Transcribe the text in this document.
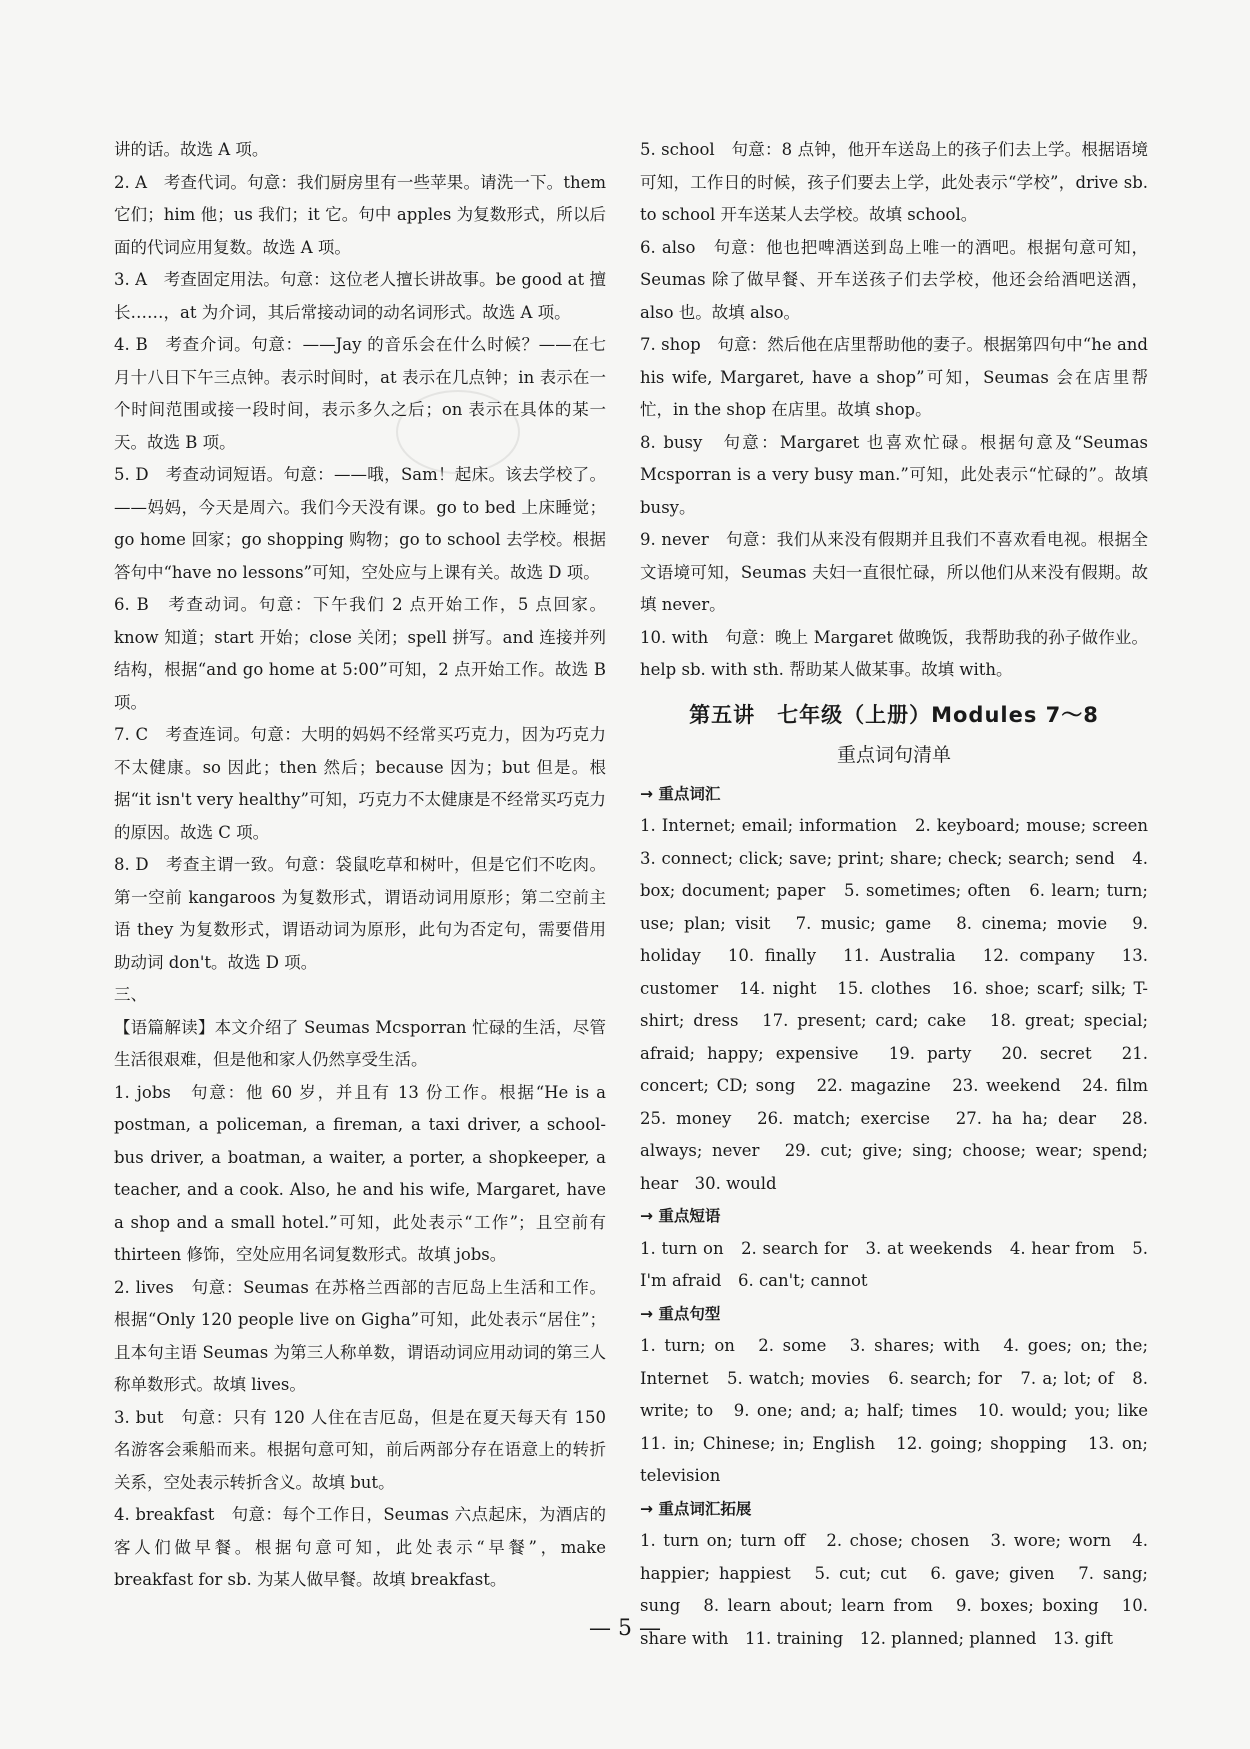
讲的话。故选 A 项。

2. A　考查代词。句意：我们厨房里有一些苹果。请洗一下。them 它们；him 他；us 我们；it 它。句中 apples 为复数形式，所以后面的代词应用复数。故选 A 项。

3. A　考查固定用法。句意：这位老人擅长讲故事。be good at 擅长……，at 为介词，其后常接动词的动名词形式。故选 A 项。

4. B　考查介词。句意：——Jay 的音乐会在什么时候？——在七月十八日下午三点钟。表示时间时，at 表示在几点钟；in 表示在一个时间范围或接一段时间，表示多久之后；on 表示在具体的某一天。故选 B 项。

5. D　考查动词短语。句意：——哦，Sam！起床。该去学校了。——妈妈，今天是周六。我们今天没有课。go to bed 上床睡觉；go home 回家；go shopping 购物；go to school 去学校。根据答句中“have no lessons”可知，空处应与上课有关。故选 D 项。

6. B　考查动词。句意：下午我们 2 点开始工作，5 点回家。know 知道；start 开始；close 关闭；spell 拼写。and 连接并列结构，根据“and go home at 5:00”可知，2 点开始工作。故选 B 项。

7. C　考查连词。句意：大明的妈妈不经常买巧克力，因为巧克力不太健康。so 因此；then 然后；because 因为；but 但是。根据“it isn't very healthy”可知，巧克力不太健康是不经常买巧克力的原因。故选 C 项。

8. D　考查主谓一致。句意：袋鼠吃草和树叶，但是它们不吃肉。第一空前 kangaroos 为复数形式，谓语动词用原形；第二空前主语 they 为复数形式，谓语动词为原形，此句为否定句，需要借用助动词 don't。故选 D 项。

三、

【语篇解读】本文介绍了 Seumas Mcsporran 忙碌的生活，尽管生活很艰难，但是他和家人仍然享受生活。

1. jobs　句意：他 60 岁，并且有 13 份工作。根据“He is a postman, a policeman, a fireman, a taxi driver, a school-bus driver, a boatman, a waiter, a porter, a shopkeeper, a teacher, and a cook. Also, he and his wife, Margaret, have a shop and a small hotel.”可知，此处表示“工作”；且空前有 thirteen 修饰，空处应用名词复数形式。故填 jobs。

2. lives　句意：Seumas 在苏格兰西部的吉厄岛上生活和工作。根据“Only 120 people live on Gigha”可知，此处表示“居住”；且本句主语 Seumas 为第三人称单数，谓语动词应用动词的第三人称单数形式。故填 lives。

3. but　句意：只有 120 人住在吉厄岛，但是在夏天每天有 150 名游客会乘船而来。根据句意可知，前后两部分存在语意上的转折关系，空处表示转折含义。故填 but。

4. breakfast　句意：每个工作日，Seumas 六点起床，为酒店的客人们做早餐。根据句意可知，此处表示“早餐”，make breakfast for sb. 为某人做早餐。故填 breakfast。

5. school　句意：8 点钟，他开车送岛上的孩子们去上学。根据语境可知，工作日的时候，孩子们要去上学，此处表示“学校”，drive sb. to school 开车送某人去学校。故填 school。

6. also　句意：他也把啤酒送到岛上唯一的酒吧。根据句意可知，Seumas 除了做早餐、开车送孩子们去学校，他还会给酒吧送酒，also 也。故填 also。

7. shop　句意：然后他在店里帮助他的妻子。根据第四句中“he and his wife, Margaret, have a shop”可知，Seumas 会在店里帮忙，in the shop 在店里。故填 shop。

8. busy　句意：Margaret 也喜欢忙碌。根据句意及“Seumas Mcsporran is a very busy man.”可知，此处表示“忙碌的”。故填 busy。

9. never　句意：我们从来没有假期并且我们不喜欢看电视。根据全文语境可知，Seumas 夫妇一直很忙碌，所以他们从来没有假期。故填 never。

10. with　句意：晚上 Margaret 做晚饭，我帮助我的孙子做作业。help sb. with sth. 帮助某人做某事。故填 with。

第五讲　七年级（上册）Modules 7～8
重点词句清单
→ 重点词汇

1. Internet; email; information　2. keyboard; mouse; screen　3. connect; click; save; print; share; check; search; send　4. box; document; paper　5. sometimes; often　6. learn; turn; use; plan; visit　7. music; game　8. cinema; movie　9. holiday　10. finally　11. Australia　12. company　13. customer　14. night　15. clothes　16. shoe; scarf; silk; T-shirt; dress　17. present; card; cake　18. great; special; afraid; happy; expensive　19. party　20. secret　21. concert; CD; song　22. magazine　23. weekend　24. film　25. money　26. match; exercise　27. ha ha; dear　28. always; never　29. cut; give; sing; choose; wear; spend; hear　30. would

→ 重点短语

1. turn on　2. search for　3. at weekends　4. hear from　5. I'm afraid　6. can't; cannot

→ 重点句型

1. turn; on　2. some　3. shares; with　4. goes; on; the; Internet　5. watch; movies　6. search; for　7. a; lot; of　8. write; to　9. one; and; a; half; times　10. would; you; like　11. in; Chinese; in; English　12. going; shopping　13. on; television

→ 重点词汇拓展

1. turn on; turn off　2. chose; chosen　3. wore; worn　4. happier; happiest　5. cut; cut　6. gave; given　7. sang; sung　8. learn about; learn from　9. boxes; boxing　10. share with　11. training　12. planned; planned　13. gift

— 5 —
